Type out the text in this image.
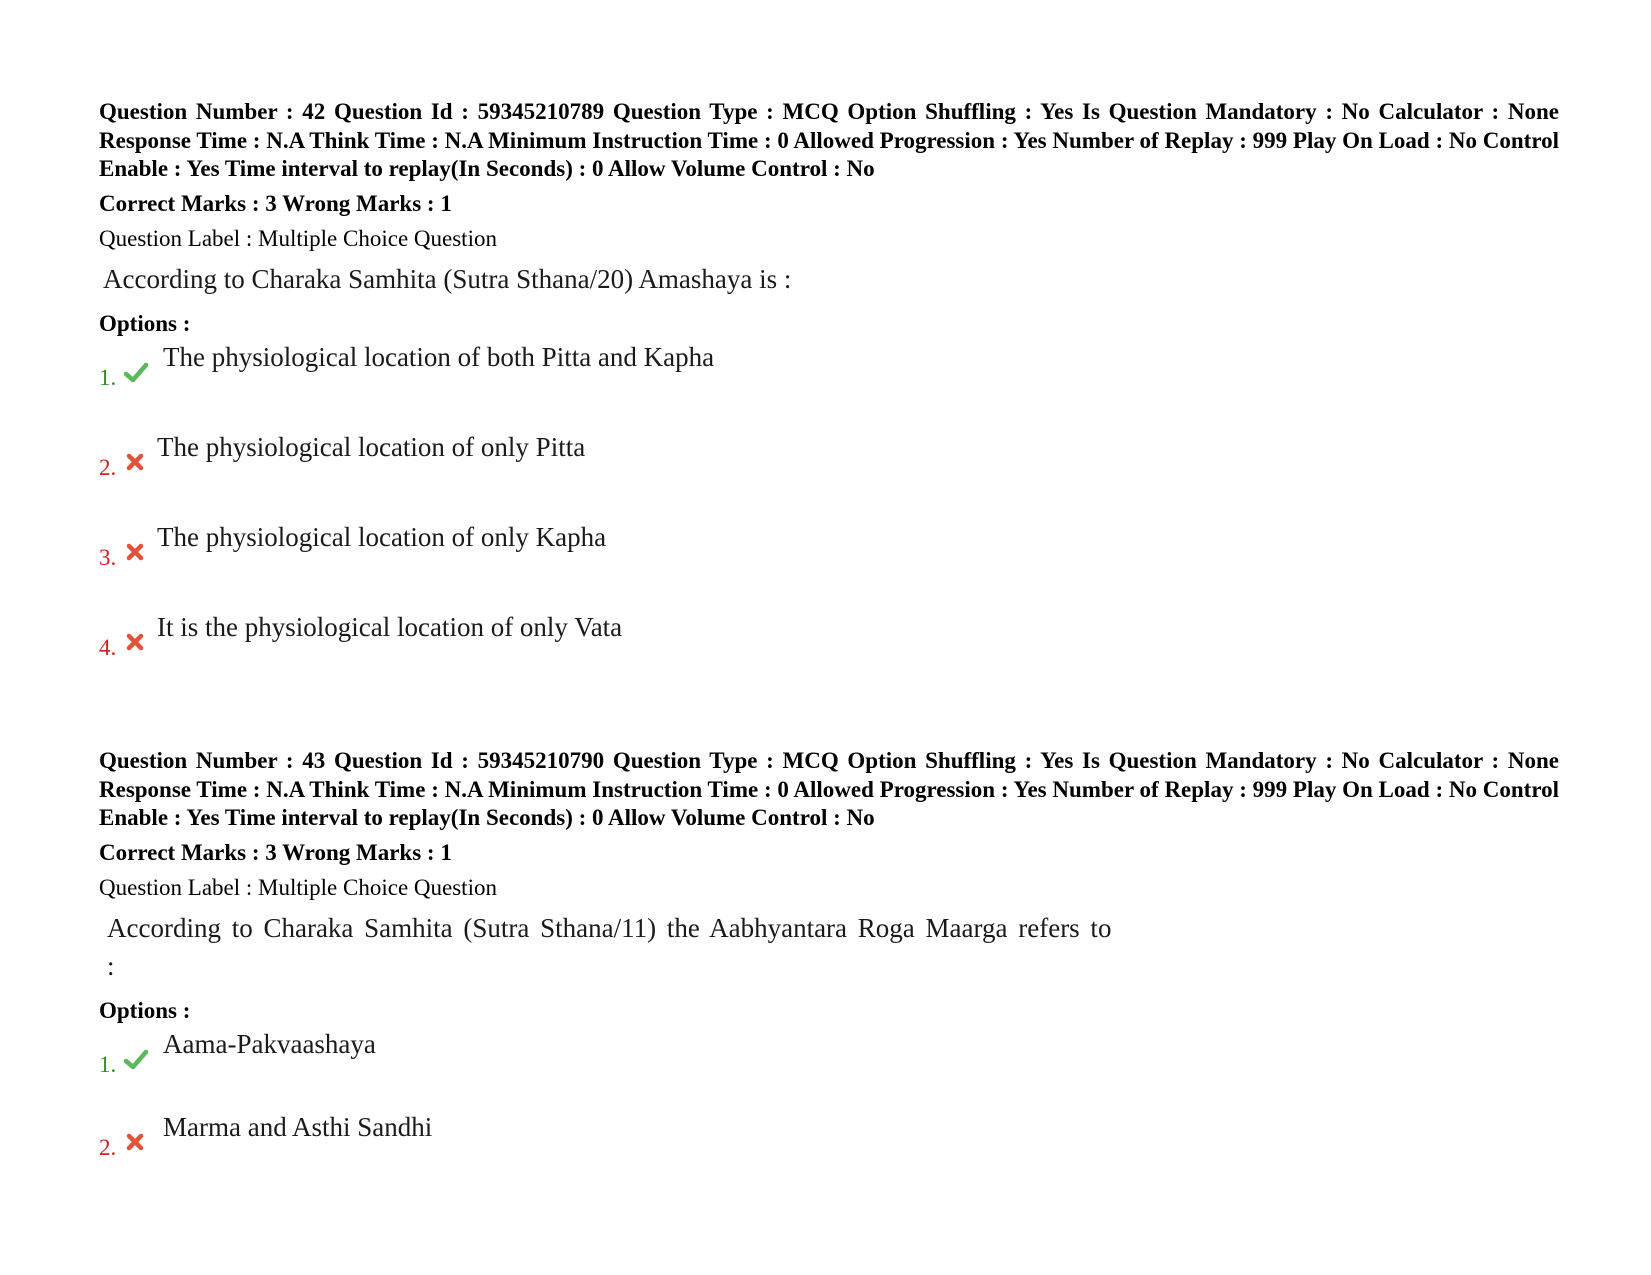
Question Number : 42 Question Id : 59345210789 Question Type : MCQ Option Shuffling : Yes Is Question Mandatory : No Calculator : None Response Time : N.A Think Time : N.A Minimum Instruction Time : 0 Allowed Progression : Yes Number of Replay : 999 Play On Load : No Control Enable : Yes Time interval to replay(In Seconds) : 0 Allow Volume Control : No

Correct Marks : 3 Wrong Marks : 1

Question Label : Multiple Choice Question

According to Charaka Samhita (Sutra Sthana/20) Amashaya is :

Options :

1.
The physiological location of both Pitta and Kapha
2.
The physiological location of only Pitta
3.
The physiological location of only Kapha
4.
It is the physiological location of only Vata

Question Number : 43 Question Id : 59345210790 Question Type : MCQ Option Shuffling : Yes Is Question Mandatory : No Calculator : None Response Time : N.A Think Time : N.A Minimum Instruction Time : 0 Allowed Progression : Yes Number of Replay : 999 Play On Load : No Control Enable : Yes Time interval to replay(In Seconds) : 0 Allow Volume Control : No

Correct Marks : 3 Wrong Marks : 1

Question Label : Multiple Choice Question

According to Charaka Samhita (Sutra Sthana/11) the Aabhyantara Roga Maarga refers to :

Options :

1.
Aama-Pakvaashaya
2.
Marma and Asthi Sandhi
